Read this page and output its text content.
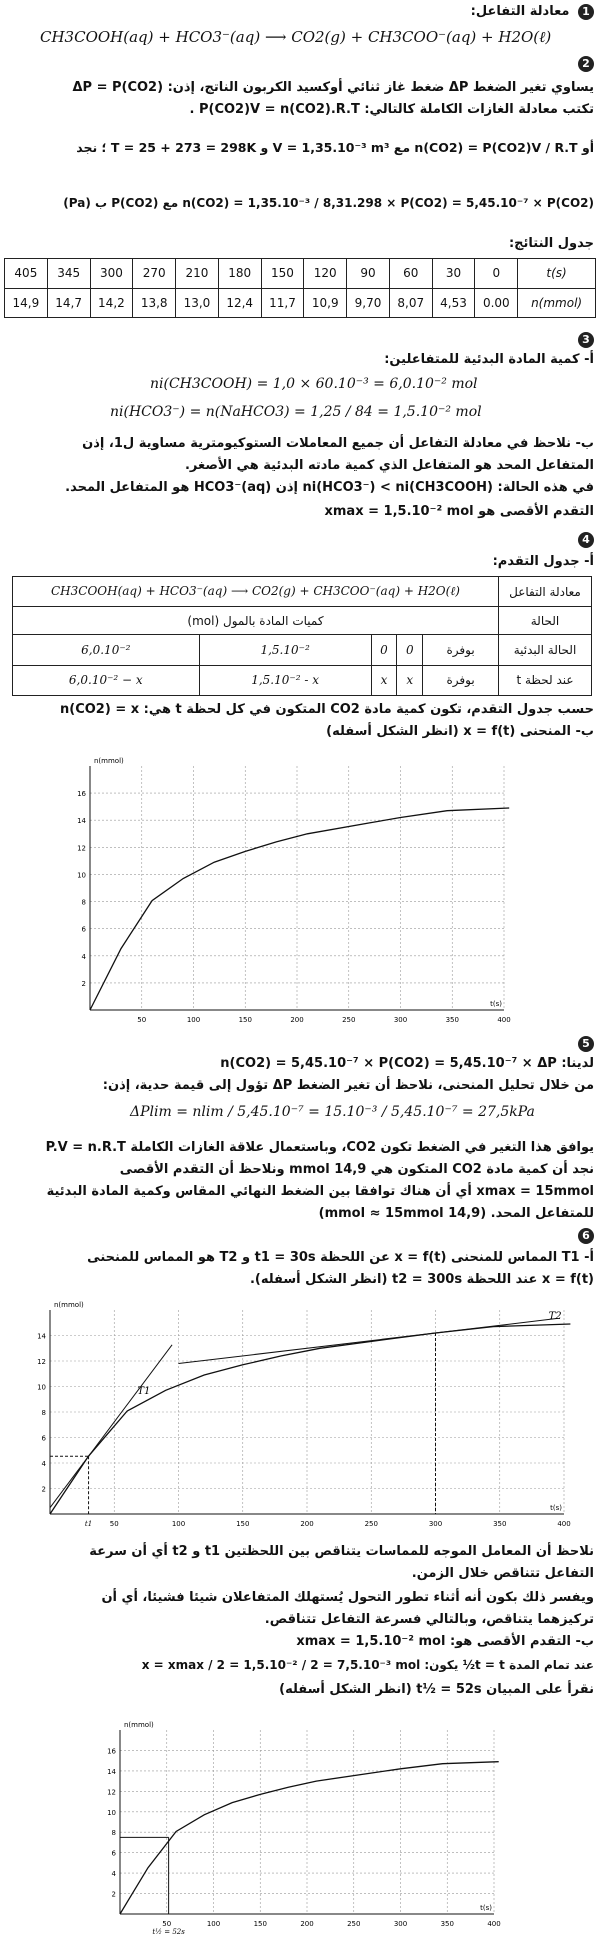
1 معادلة التفاعل:
CH3COOH(aq) + HCO3⁻(aq) ⟶ CO2(g) + CH3COO⁻(aq) + H2O(ℓ)
2
يساوي تغير الضغط ΔP ضغط غاز ثنائي أوكسيد الكربون الناتج، إذن: ΔP = P(CO2)
تكتب معادلة الغازات الكاملة كالتالي: P(CO2)V = n(CO2).R.T .
أو n(CO2) = P(CO2)V / R.T مع V = 1,35.10⁻³ m³ و T = 25 + 273 = 298K ؛ نجد
n(CO2) = 1,35.10⁻³ / 8,31.298 × P(CO2) = 5,45.10⁻⁷ × P(CO2) مع P(CO2) ب (Pa)
جدول النتائج:
405	345	300	270	210	180	150	120	90	60	30	0	t(s)
14,9	14,7	14,2	13,8	13,0	12,4	11,7	10,9	9,70	8,07	4,53	0.00	n(mmol)
3
أ- كمية المادة البدئية للمتفاعلين:
ni(CH3COOH) = 1,0 × 60.10⁻³ = 6,0.10⁻² mol
ni(HCO3⁻) = n(NaHCO3) = 1,25 / 84 = 1,5.10⁻² mol
ب- نلاحظ في معادلة التفاعل أن جميع المعاملات الستوكيومترية مساوية ل1، إذن
المتفاعل المحد هو المتفاعل الذي كمية مادته البدئية هي الأصغر.
في هذه الحالة: ni(HCO3⁻) < ni(CH3COOH) إذن HCO3⁻(aq) هو المتفاعل المحد.
التقدم الأقصى هو xmax = 1,5.10⁻² mol
4
أ- جدول التقدم:
معادلة التفاعل	CH3COOH(aq) + HCO3⁻(aq) ⟶ CO2(g) + CH3COO⁻(aq) + H2O(ℓ)				
الحالة	كميات المادة بالمول (mol)				
الحالة البدئية	بوفرة	0	0	1,5.10⁻²	6,0.10⁻²
عند لحظة t	بوفرة	x	x	1,5.10⁻² - x	6,0.10⁻² − x
حسب جدول التقدم، تكون كمية مادة CO2 المتكون في كل لحظة t هي: n(CO2) = x
ب- المنحنى x = f(t) (انظر الشكل أسفله)
50	100	150	200	250	300	350	400
2
4
6
8
10
12
14
16
n(mmol)
t(s)
5
لدينا: n(CO2) = 5,45.10⁻⁷ × P(CO2) = 5,45.10⁻⁷ × ΔP
من خلال تحليل المنحنى، نلاحظ أن تغير الضغط ΔP تؤول إلى قيمة حدية، إذن:
ΔPlim = nlim / 5,45.10⁻⁷ = 15.10⁻³ / 5,45.10⁻⁷ = 27,5kPa
يوافق هذا التغير في الضغط تكون CO2، وباستعمال علاقة الغازات الكاملة P.V = n.R.T
نجد أن كمية مادة CO2 المتكون هي 14,9 mmol ونلاحظ أن التقدم الأقصى
xmax = 15mmol أي أن هناك توافقا بين الضغط النهائي المقاس وكمية المادة البدئية
للمتفاعل المحد. (14,9 mmol ≈ 15mmol)
6
أ- T1 المماس للمنحنى x = f(t) عن اللحظة t1 = 30s و T2 هو المماس للمنحنى
x = f(t) عند اللحظة t2 = 300s (انظر الشكل أسفله).
50	100	150	200	250	300	350	400
2
4
6
8
10
12
14
n(mmol)
t(s)
T1
T2
t1
نلاحظ أن المعامل الموجه للمماسات يتناقص بين اللحظتين t1 و t2 أي أن سرعة
التفاعل تتناقص خلال الزمن.
ويفسر ذلك بكون أنه أثناء تطور التحول يُستهلك المتفاعلان شيئا فشيئا، أي أن
تركيزهما يتناقص، وبالتالي فسرعة التفاعل تتناقص.
ب- التقدم الأقصى هو: xmax = 1,5.10⁻² mol
عند تمام المدة t = t½ يكون: x = xmax / 2 = 1,5.10⁻² / 2 = 7,5.10⁻³ mol
نقرأ على المبيان t½ = 52s (انظر الشكل أسفله)
50	100	150	200	250	300	350	400
2
4
6
8
10
12
14
16
n(mmol)
t(s)
t½ = 52s
